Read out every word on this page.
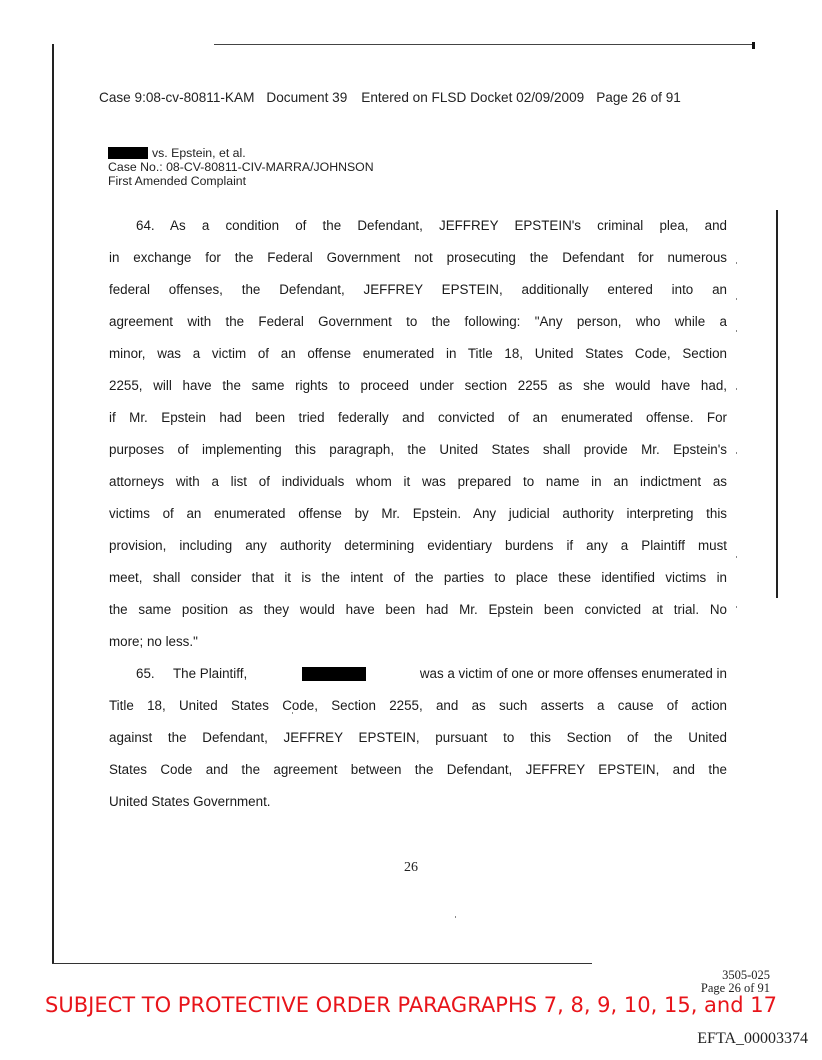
Case 9:08-cv-80811-KAM Document 39 Entered on FLSD Docket 02/09/2009 Page 26 of 91
vs. Epstein, et al.
Case No.: 08-CV-80811-CIV-MARRA/JOHNSON
First Amended Complaint
64. As a condition of the Defendant, JEFFREY EPSTEIN's criminal plea, and
in exchange for the Federal Government not prosecuting the Defendant for numerous
federal offenses, the Defendant, JEFFREY EPSTEIN, additionally entered into an
agreement with the Federal Government to the following: "Any person, who while a
minor, was a victim of an offense enumerated in Title 18, United States Code, Section
2255, will have the same rights to proceed under section 2255 as she would have had,
if Mr. Epstein had been tried federally and convicted of an enumerated offense. For
purposes of implementing this paragraph, the United States shall provide Mr. Epstein's
attorneys with a list of individuals whom it was prepared to name in an indictment as
victims of an enumerated offense by Mr. Epstein. Any judicial authority interpreting this
provision, including any authority determining evidentiary burdens if any a Plaintiff must
meet, shall consider that it is the intent of the parties to place these identified victims in
the same position as they would have been had Mr. Epstein been convicted at trial. No
more; no less."
65.     The Plaintiff,	was a victim of one or more offenses enumerated in
Title 18, United States Code, Section 2255, and as such asserts a cause of action
against the Defendant, JEFFREY EPSTEIN, pursuant to this Section of the United
States Code and the agreement between the Defendant, JEFFREY EPSTEIN, and the
United States Government.
26
3505-025
Page 26 of 91
SUBJECT TO PROTECTIVE ORDER PARAGRAPHS 7, 8, 9, 10, 15, and 17
EFTA_00003374
